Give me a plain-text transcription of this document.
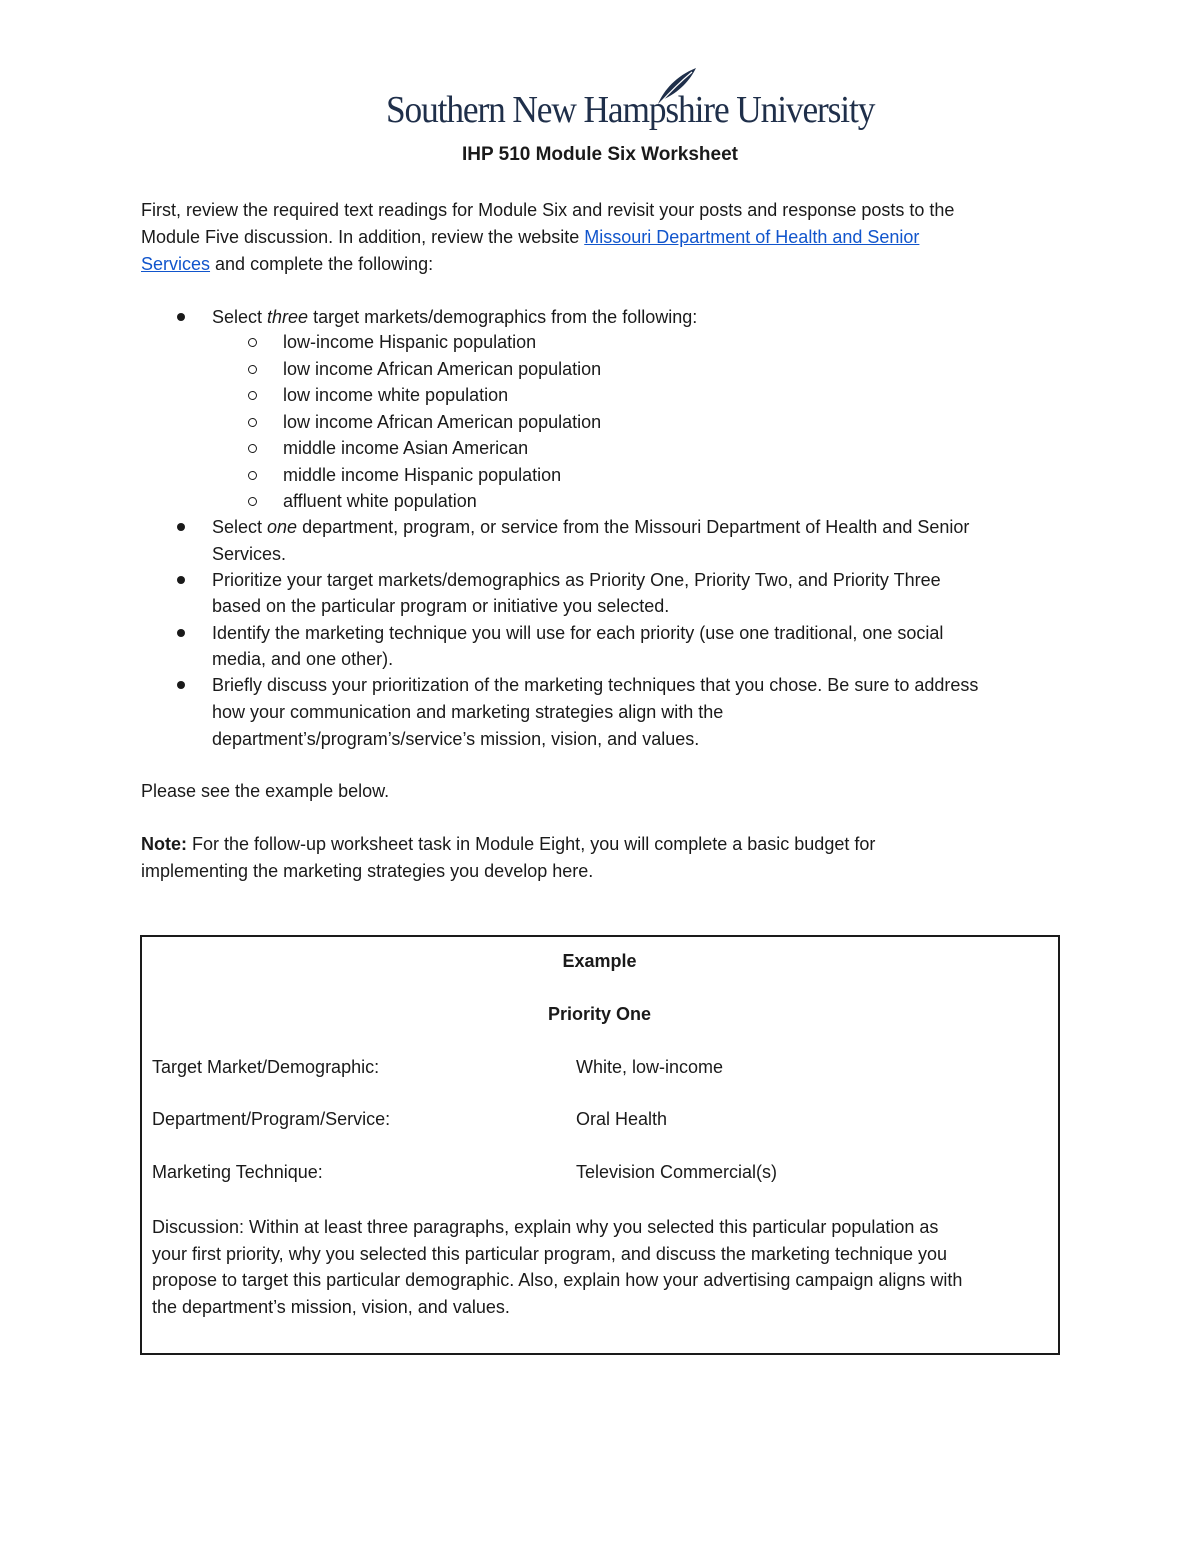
Southern New Hampshire University
IHP 510 Module Six Worksheet
First, review the required text readings for Module Six and revisit your posts and response posts to the
Module Five discussion. In addition, review the website Missouri Department of Health and Senior
Services and complete the following:
Select three target markets/demographics from the following:
low-income Hispanic population
low income African American population
low income white population
low income African American population
middle income Asian American
middle income Hispanic population
affluent white population
Select one department, program, or service from the Missouri Department of Health and Senior
Services.
Prioritize your target markets/demographics as Priority One, Priority Two, and Priority Three
based on the particular program or initiative you selected.
Identify the marketing technique you will use for each priority (use one traditional, one social
media, and one other).
Briefly discuss your prioritization of the marketing techniques that you chose. Be sure to address
how your communication and marketing strategies align with the
department’s/program’s/service’s mission, vision, and values.
Please see the example below.
Note: For the follow-up worksheet task in Module Eight, you will complete a basic budget for
implementing the marketing strategies you develop here.
Example
Priority One
Target Market/Demographic:	White, low-income
Department/Program/Service:	Oral Health
Marketing Technique:	Television Commercial(s)
Discussion: Within at least three paragraphs, explain why you selected this particular population as
your first priority, why you selected this particular program, and discuss the marketing technique you
propose to target this particular demographic. Also, explain how your advertising campaign aligns with
the department’s mission, vision, and values.
